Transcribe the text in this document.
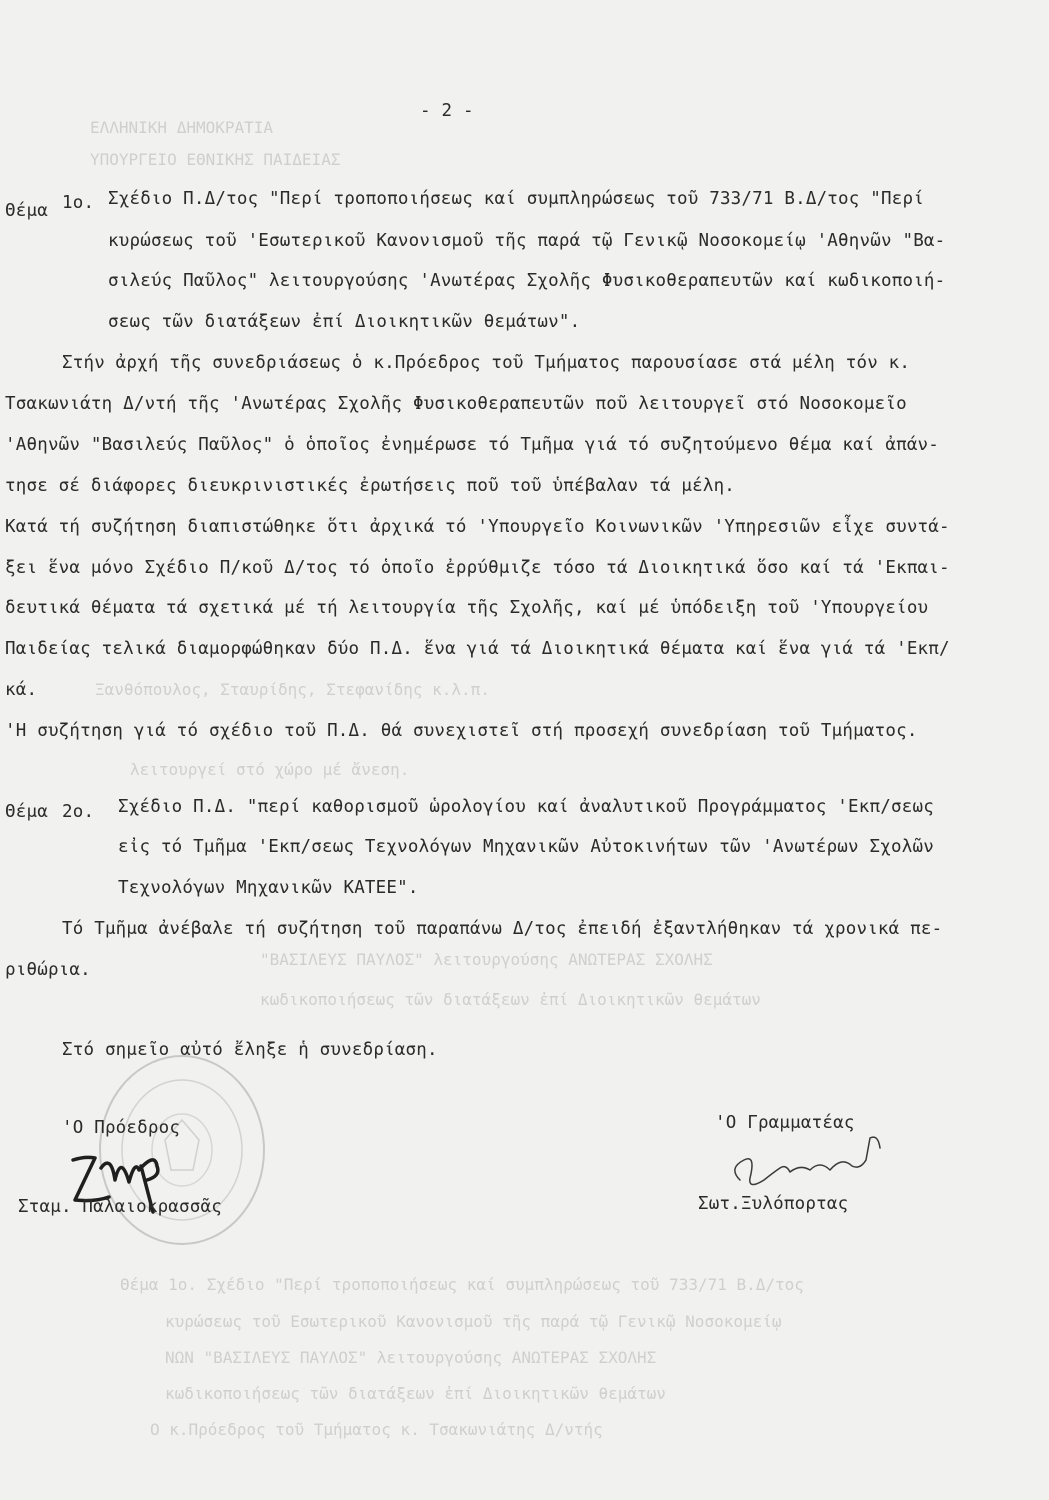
ΕΛΛΗΝΙΚΗ ΔΗΜΟΚΡΑΤΙΑ
ΥΠΟΥΡΓΕΙΟ ΕΘΝΙΚΗΣ ΠΑΙΔΕΙΑΣ
Ξανθόπουλος, Σταυρίδης, Στεφανίδης κ.λ.π.
λειτουργεί στό χώρο μέ ἄνεση.
"ΒΑΣΙΛΕΥΣ ΠΑΥΛΟΣ" λειτουργούσης ΑΝΩΤΕΡΑΣ ΣΧΟΛΗΣ
κωδικοποιήσεως τῶν διατάξεων ἐπί Διοικητικῶν θεμάτων
Θέμα 1ο. Σχέδιο "Περί τροποποιήσεως καί συμπληρώσεως τοῦ 733/71 Β.Δ/τος
κυρώσεως τοῦ Εσωτερικοῦ Κανονισμοῦ τῆς παρά τῷ Γενικῷ Νοσοκομείῳ
ΝΩΝ "ΒΑΣΙΛΕΥΣ ΠΑΥΛΟΣ" λειτουργούσης ΑΝΩΤΕΡΑΣ ΣΧΟΛΗΣ
κωδικοποιήσεως τῶν διατάξεων ἐπί Διοικητικῶν θεμάτων
Ο κ.Πρόεδρος τοῦ Τμήματος κ. Τσακωνιάτης Δ/ντής
- 2 -
Θέμα 1ο. Σχέδιο Π.Δ/τος "Περί τροποποιήσεως καί συμπληρώσεως τοῦ 733/71 Β.Δ/τος "Περί
κυρώσεως τοῦ 'Εσωτερικοῦ Κανονισμοῦ τῆς παρά τῷ Γενικῷ Νοσοκομείῳ 'Αθηνῶν "Βα-
σιλεύς Παῦλος" λειτουργούσης 'Ανωτέρας Σχολῆς Φυσικοθεραπευτῶν καί κωδικοποιή-
σεως τῶν διατάξεων ἐπί Διοικητικῶν θεμάτων".
Στήν ἀρχή τῆς συνεδριάσεως ὁ κ.Πρόεδρος τοῦ Τμήματος παρουσίασε στά μέλη τόν κ.
Τσακωνιάτη Δ/ντή τῆς 'Ανωτέρας Σχολῆς Φυσικοθεραπευτῶν ποῦ λειτουργεῖ στό Νοσοκομεῖο
'Αθηνῶν "Βασιλεύς Παῦλος" ὁ ὁποῖος ἐνημέρωσε τό Τμῆμα γιά τό συζητούμενο θέμα καί ἀπάν-
τησε σέ διάφορες διευκρινιστικές ἐρωτήσεις ποῦ τοῦ ὑπέβαλαν τά μέλη.
Κατά τή συζήτηση διαπιστώθηκε ὅτι ἀρχικά τό 'Υπουργεῖο Κοινωνικῶν 'Υπηρεσιῶν εἶχε συντά-
ξει ἕνα μόνο Σχέδιο Π/κοῦ Δ/τος τό ὁποῖο ἐρρύθμιζε τόσο τά Διοικητικά ὅσο καί τά 'Εκπαι-
δευτικά θέματα τά σχετικά μέ τή λειτουργία τῆς Σχολῆς, καί μέ ὑπόδειξη τοῦ 'Υπουργείου
Παιδείας τελικά διαμορφώθηκαν δύο Π.Δ. ἕνα γιά τά Διοικητικά θέματα καί ἕνα γιά τά 'Εκπ/
κά.
'Η συζήτηση γιά τό σχέδιο τοῦ Π.Δ. θά συνεχιστεῖ στή προσεχή συνεδρίαση τοῦ Τμήματος.
Θέμα 2ο. Σχέδιο Π.Δ. "περί καθορισμοῦ ὡρολογίου καί ἀναλυτικοῦ Προγράμματος 'Εκπ/σεως
εἰς τό Τμῆμα 'Εκπ/σεως Τεχνολόγων Μηχανικῶν Αὐτοκινήτων τῶν 'Ανωτέρων Σχολῶν
Τεχνολόγων Μηχανικῶν ΚΑΤΕΕ".
Τό Τμῆμα ἀνέβαλε τή συζήτηση τοῦ παραπάνω Δ/τος ἐπειδή ἐξαντλήθηκαν τά χρονικά πε-
ριθώρια.
Στό σημεῖο αὐτό ἔληξε ἡ συνεδρίαση.
'Ο Πρόεδρος
Σταμ. Παλαιοκρασσᾶς
'Ο Γραμματέας
Σωτ.Ξυλόπορτας
